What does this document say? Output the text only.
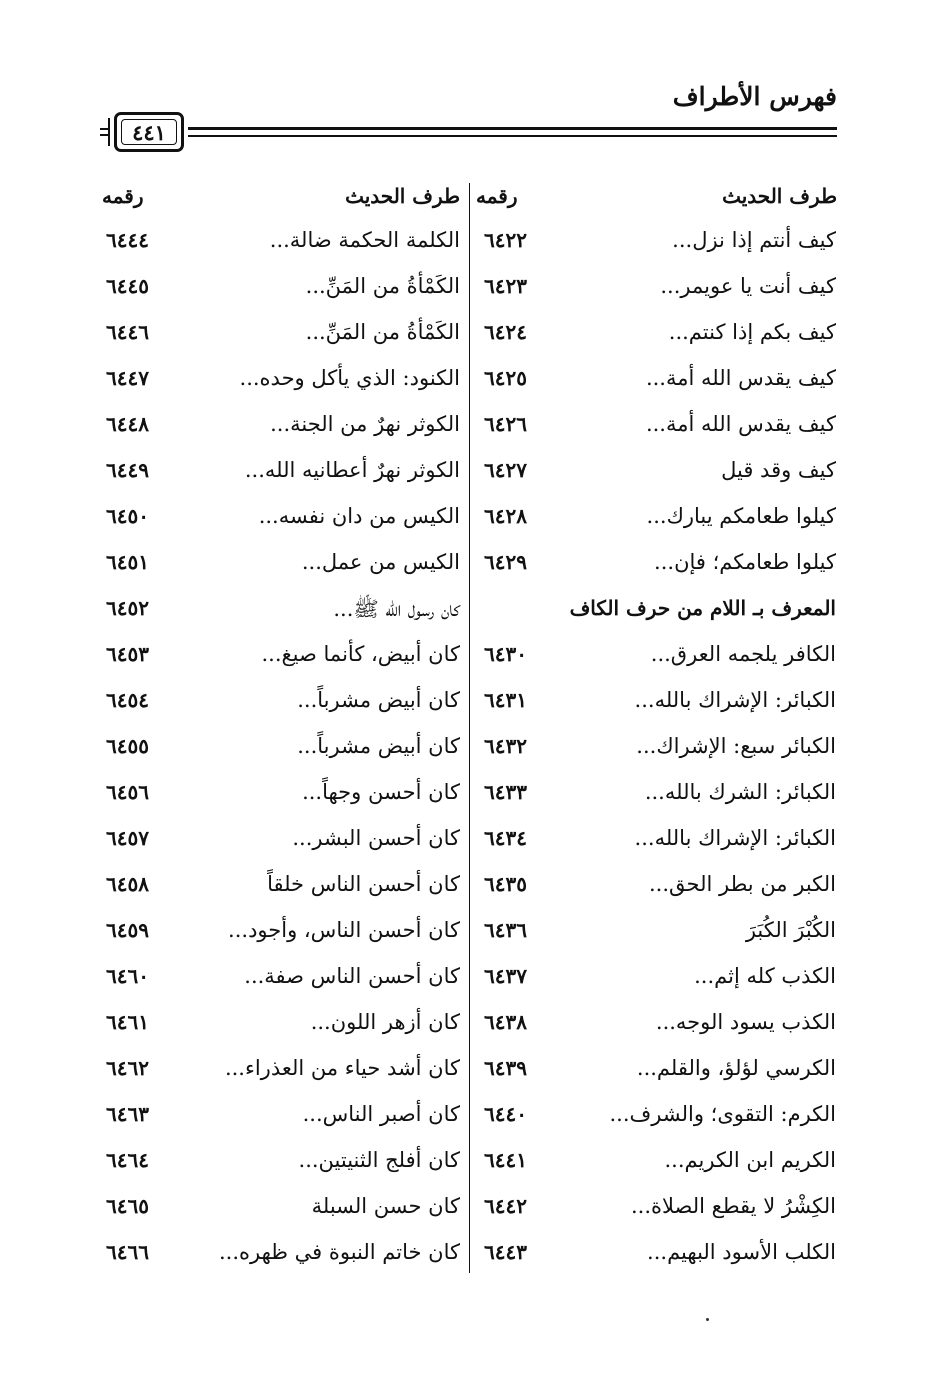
فهرس الأطراف
٤٤١
طرف الحديث
رقمه
طرف الحديث
رقمه
كيف أنتم إذا نزل...
٦٤٢٢
كيف أنت يا عويمر...
٦٤٢٣
كيف بكم إذا كنتم...
٦٤٢٤
كيف يقدس الله أمة...
٦٤٢٥
كيف يقدس الله أمة...
٦٤٢٦
كيف وقد قيل
٦٤٢٧
كيلوا طعامكم يبارك...
٦٤٢٨
كيلوا طعامكم؛ فإن...
٦٤٢٩
المعرف بـ اللام من حرف الكاف
الكافر يلجمه العرق...
٦٤٣٠
الكبائر: الإشراك بالله...
٦٤٣١
الكبائر سبع: الإشراك...
٦٤٣٢
الكبائر: الشرك بالله...
٦٤٣٣
الكبائر: الإشراك بالله...
٦٤٣٤
الكبر من بطر الحق...
٦٤٣٥
الكُبْرَ الكُبَرَ
٦٤٣٦
الكذب كله إثم...
٦٤٣٧
الكذب يسود الوجه...
٦٤٣٨
الكرسي لؤلؤ، والقلم...
٦٤٣٩
الكرم: التقوى؛ والشرف...
٦٤٤٠
الكريم ابن الكريم...
٦٤٤١
الكِشْرُ لا يقطع الصلاة...
٦٤٤٢
الكلب الأسود البهيم...
٦٤٤٣
الكلمة الحكمة ضالة...
٦٤٤٤
الكَمْأةُ من المَنِّ...
٦٤٤٥
الكَمْأةُ من المَنِّ...
٦٤٤٦
الكنود: الذي يأكل وحده...
٦٤٤٧
الكوثر نهرٌ من الجنة...
٦٤٤٨
الكوثر نهرٌ أعطانيه الله...
٦٤٤٩
الكيس من دان نفسه...
٦٤٥٠
الكيس من عمل...
٦٤٥١
كان رسول الله ﷺ...
٦٤٥٢
كان أبيض، كأنما صيغ...
٦٤٥٣
كان أبيض مشرباً...
٦٤٥٤
كان أبيض مشرباً...
٦٤٥٥
كان أحسن وجهاً...
٦٤٥٦
كان أحسن البشر...
٦٤٥٧
كان أحسن الناس خلقاً
٦٤٥٨
كان أحسن الناس، وأجود...
٦٤٥٩
كان أحسن الناس صفة...
٦٤٦٠
كان أزهر اللون...
٦٤٦١
كان أشد حياء من العذراء...
٦٤٦٢
كان أصبر الناس...
٦٤٦٣
كان أفلج الثنيتين...
٦٤٦٤
كان حسن السبلة
٦٤٦٥
كان خاتم النبوة في ظهره...
٦٤٦٦
